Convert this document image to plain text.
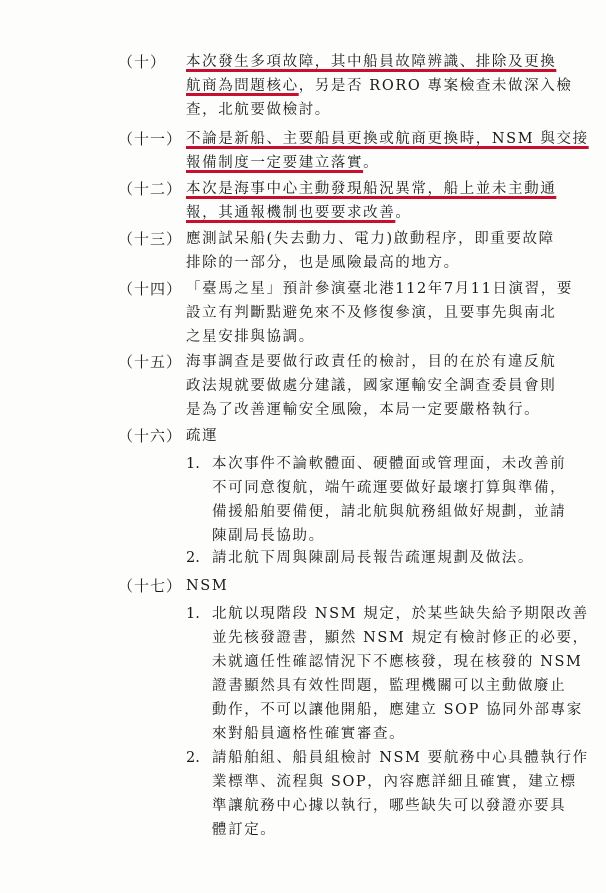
（十） 本次發生多項故障，其中船員故障辨識、排除及更換
航商為問題核心，另是否 RORO 專案檢查未做深入檢
查，北航要做檢討。
（十一） 不論是新船、主要船員更換或航商更換時，NSM 與交接
報備制度一定要建立落實。
（十二） 本次是海事中心主動發現船況異常，船上並未主動通
報，其通報機制也要要求改善。
（十三） 應測試呆船(失去動力、電力)啟動程序，即重要故障
排除的一部分，也是風險最高的地方。
（十四） 「臺馬之星」預計參演臺北港112年7月11日演習，要
設立有判斷點避免來不及修復參演，且要事先與南北
之星安排與協調。
（十五） 海事調查是要做行政責任的檢討，目的在於有違反航
政法規就要做處分建議，國家運輸安全調查委員會則
是為了改善運輸安全風險，本局一定要嚴格執行。
（十六） 疏運
1. 本次事件不論軟體面、硬體面或管理面，未改善前
不可同意復航，端午疏運要做好最壞打算與準備，
備援船舶要備便，請北航與航務組做好規劃，並請
陳副局長協助。
2. 請北航下周與陳副局長報告疏運規劃及做法。
（十七） NSM
1. 北航以現階段 NSM 規定，於某些缺失給予期限改善
並先核發證書，顯然 NSM 規定有檢討修正的必要，
未就適任性確認情況下不應核發，現在核發的 NSM
證書顯然具有效性問題，監理機關可以主動做廢止
動作，不可以讓他開船，應建立 SOP 協同外部專家
來對船員適格性確實審查。
2. 請船舶組、船員組檢討 NSM 要航務中心具體執行作
業標準、流程與 SOP，內容應詳細且確實，建立標
準讓航務中心據以執行，哪些缺失可以發證亦要具
體訂定。
